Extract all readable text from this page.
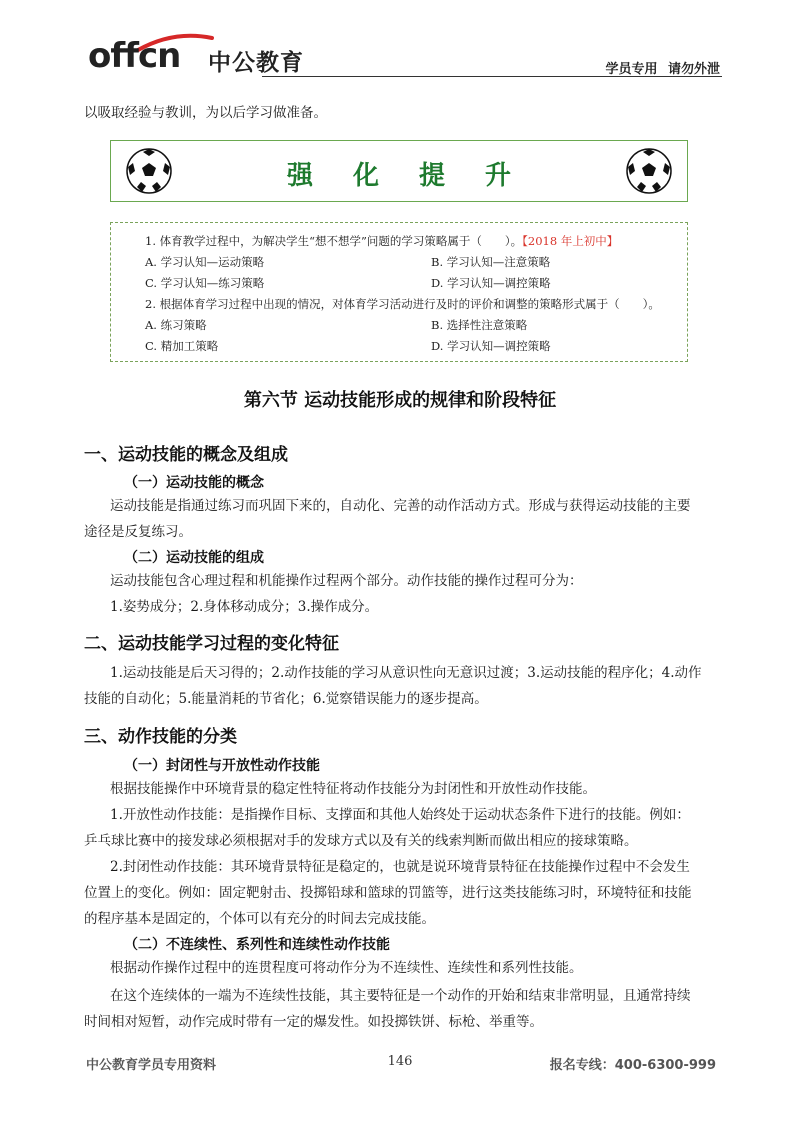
offcn 中公教育	学员专用 请勿外泄
以吸取经验与教训，为以后学习做准备。
强化提升
1. 体育教学过程中，为解决学生“想不想学”问题的学习策略属于（　　）。【2018 年上初中】
A. 学习认知—运动策略	B. 学习认知—注意策略
C. 学习认知—练习策略	D. 学习认知—调控策略
2. 根据体育学习过程中出现的情况，对体育学习活动进行及时的评价和调整的策略形式属于（　　）。
A. 练习策略	B. 选择性注意策略
C. 精加工策略	D. 学习认知—调控策略
第六节 运动技能形成的规律和阶段特征
一、运动技能的概念及组成
（一）运动技能的概念
运动技能是指通过练习而巩固下来的，自动化、完善的动作活动方式。形成与获得运动技能的主要
途径是反复练习。
（二）运动技能的组成
运动技能包含心理过程和机能操作过程两个部分。动作技能的操作过程可分为：
1.姿势成分；2.身体移动成分；3.操作成分。
二、运动技能学习过程的变化特征
1.运动技能是后天习得的；2.动作技能的学习从意识性向无意识过渡；3.运动技能的程序化；4.动作
技能的自动化；5.能量消耗的节省化；6.觉察错误能力的逐步提高。
三、动作技能的分类
（一）封闭性与开放性动作技能
根据技能操作中环境背景的稳定性特征将动作技能分为封闭性和开放性动作技能。
1.开放性动作技能：是指操作目标、支撑面和其他人始终处于运动状态条件下进行的技能。例如：
乒乓球比赛中的接发球必须根据对手的发球方式以及有关的线索判断而做出相应的接球策略。
2.封闭性动作技能：其环境背景特征是稳定的，也就是说环境背景特征在技能操作过程中不会发生
位置上的变化。例如：固定靶射击、投掷铅球和篮球的罚篮等，进行这类技能练习时，环境特征和技能
的程序基本是固定的，个体可以有充分的时间去完成技能。
（二）不连续性、系列性和连续性动作技能
根据动作操作过程中的连贯程度可将动作分为不连续性、连续性和系列性技能。
在这个连续体的一端为不连续性技能，其主要特征是一个动作的开始和结束非常明显，且通常持续
时间相对短暂，动作完成时带有一定的爆发性。如投掷铁饼、标枪、举重等。
中公教育学员专用资料	146	报名专线：400-6300-999
